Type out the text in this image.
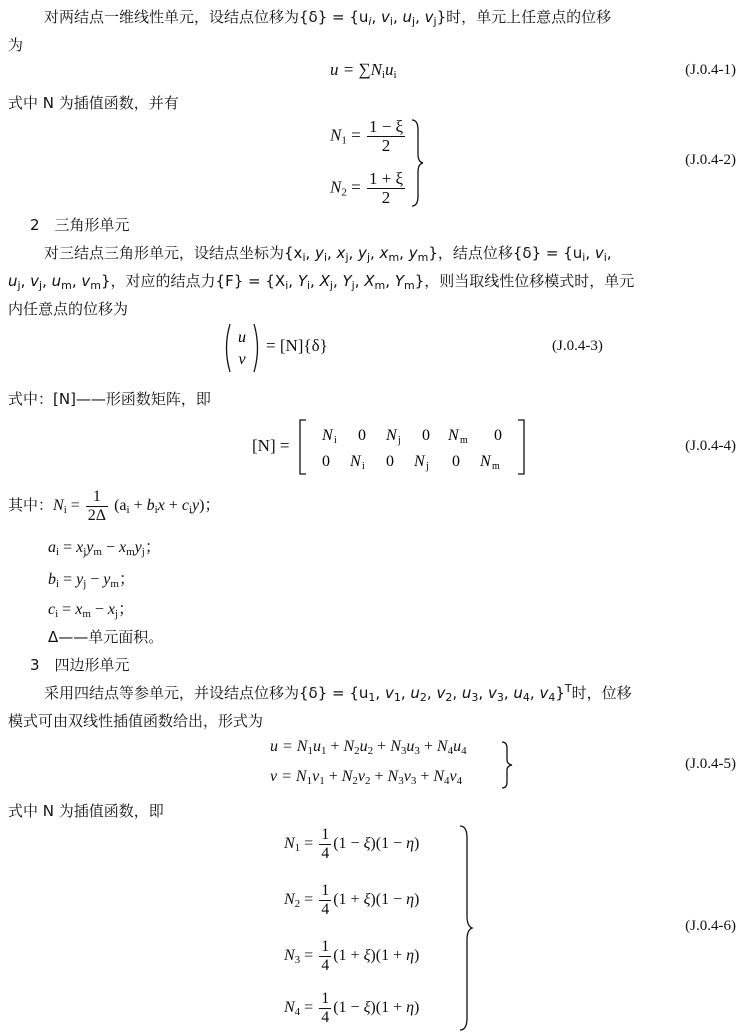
对两结点一维线性单元，设结点位移为$\{\delta\} = \{u_i$, $v_i$, $u_j$, $v_j$}时，单元上任意点的位移
为
$u = \sum N_iu_i$	(J.0.4-1)
式中 N 为插值函数，并有
$N_1 = \frac{1 - \xi}{2}$
$N_2 = \frac{1 + \xi}{2}$
(J.0.4-2)
2　三角形单元
对三结点三角形单元，设结点坐标为{$x_i$, $y_i$, $x_j$, $y_j$, $x_m$, $y_m$}，结点位移$\{\delta\} = \{u_i$, $v_i$,
$u_j$, $v_j$, $u_m$, $v_m$}，对应的结点力$\{F\} = \{X_i$, $Y_i$, $X_j$, $Y_j$, $X_m$, $Y_m$}，则当取线性位移模式时，单元
内任意点的位移为
u
v
= [N]{δ}	(J.0.4-3)
式中：[N]——形函数矩阵，即
[N] =
N i 0 N j 0 N m 0
0 N i 0 N j 0 N m
(J.0.4-4)
其中：$N_i = \frac{1}{2\Delta} (a_i + b_ix + c_iy)$；
$a_i = x_jy_m - x_my_j$；
$b_i = y_j - y_m$；
$c_i = x_m - x_j$；
Δ——单元面积。
3　四边形单元
采用四结点等参单元，并设结点位移为$\{\delta\} = \{u_1$, $v_1$, $u_2$, $v_2$, $u_3$, $v_3$, $u_4$, $v_4\}^T$时，位移
模式可由双线性插值函数给出，形式为
$u = N_1u_1 + N_2u_2 + N_3u_3 + N_4u_4$
$v = N_1v_1 + N_2v_2 + N_3v_3 + N_4v_4$
(J.0.4-5)
式中 N 为插值函数，即
$N_1 = \frac{1}{4} (1 - \xi)(1 - \eta)$
$N_2 = \frac{1}{4} (1 + \xi)(1 - \eta)$
$N_3 = \frac{1}{4} (1 + \xi)(1 + \eta)$
$N_4 = \frac{1}{4} (1 - \xi)(1 + \eta)$
(J.0.4-6)
